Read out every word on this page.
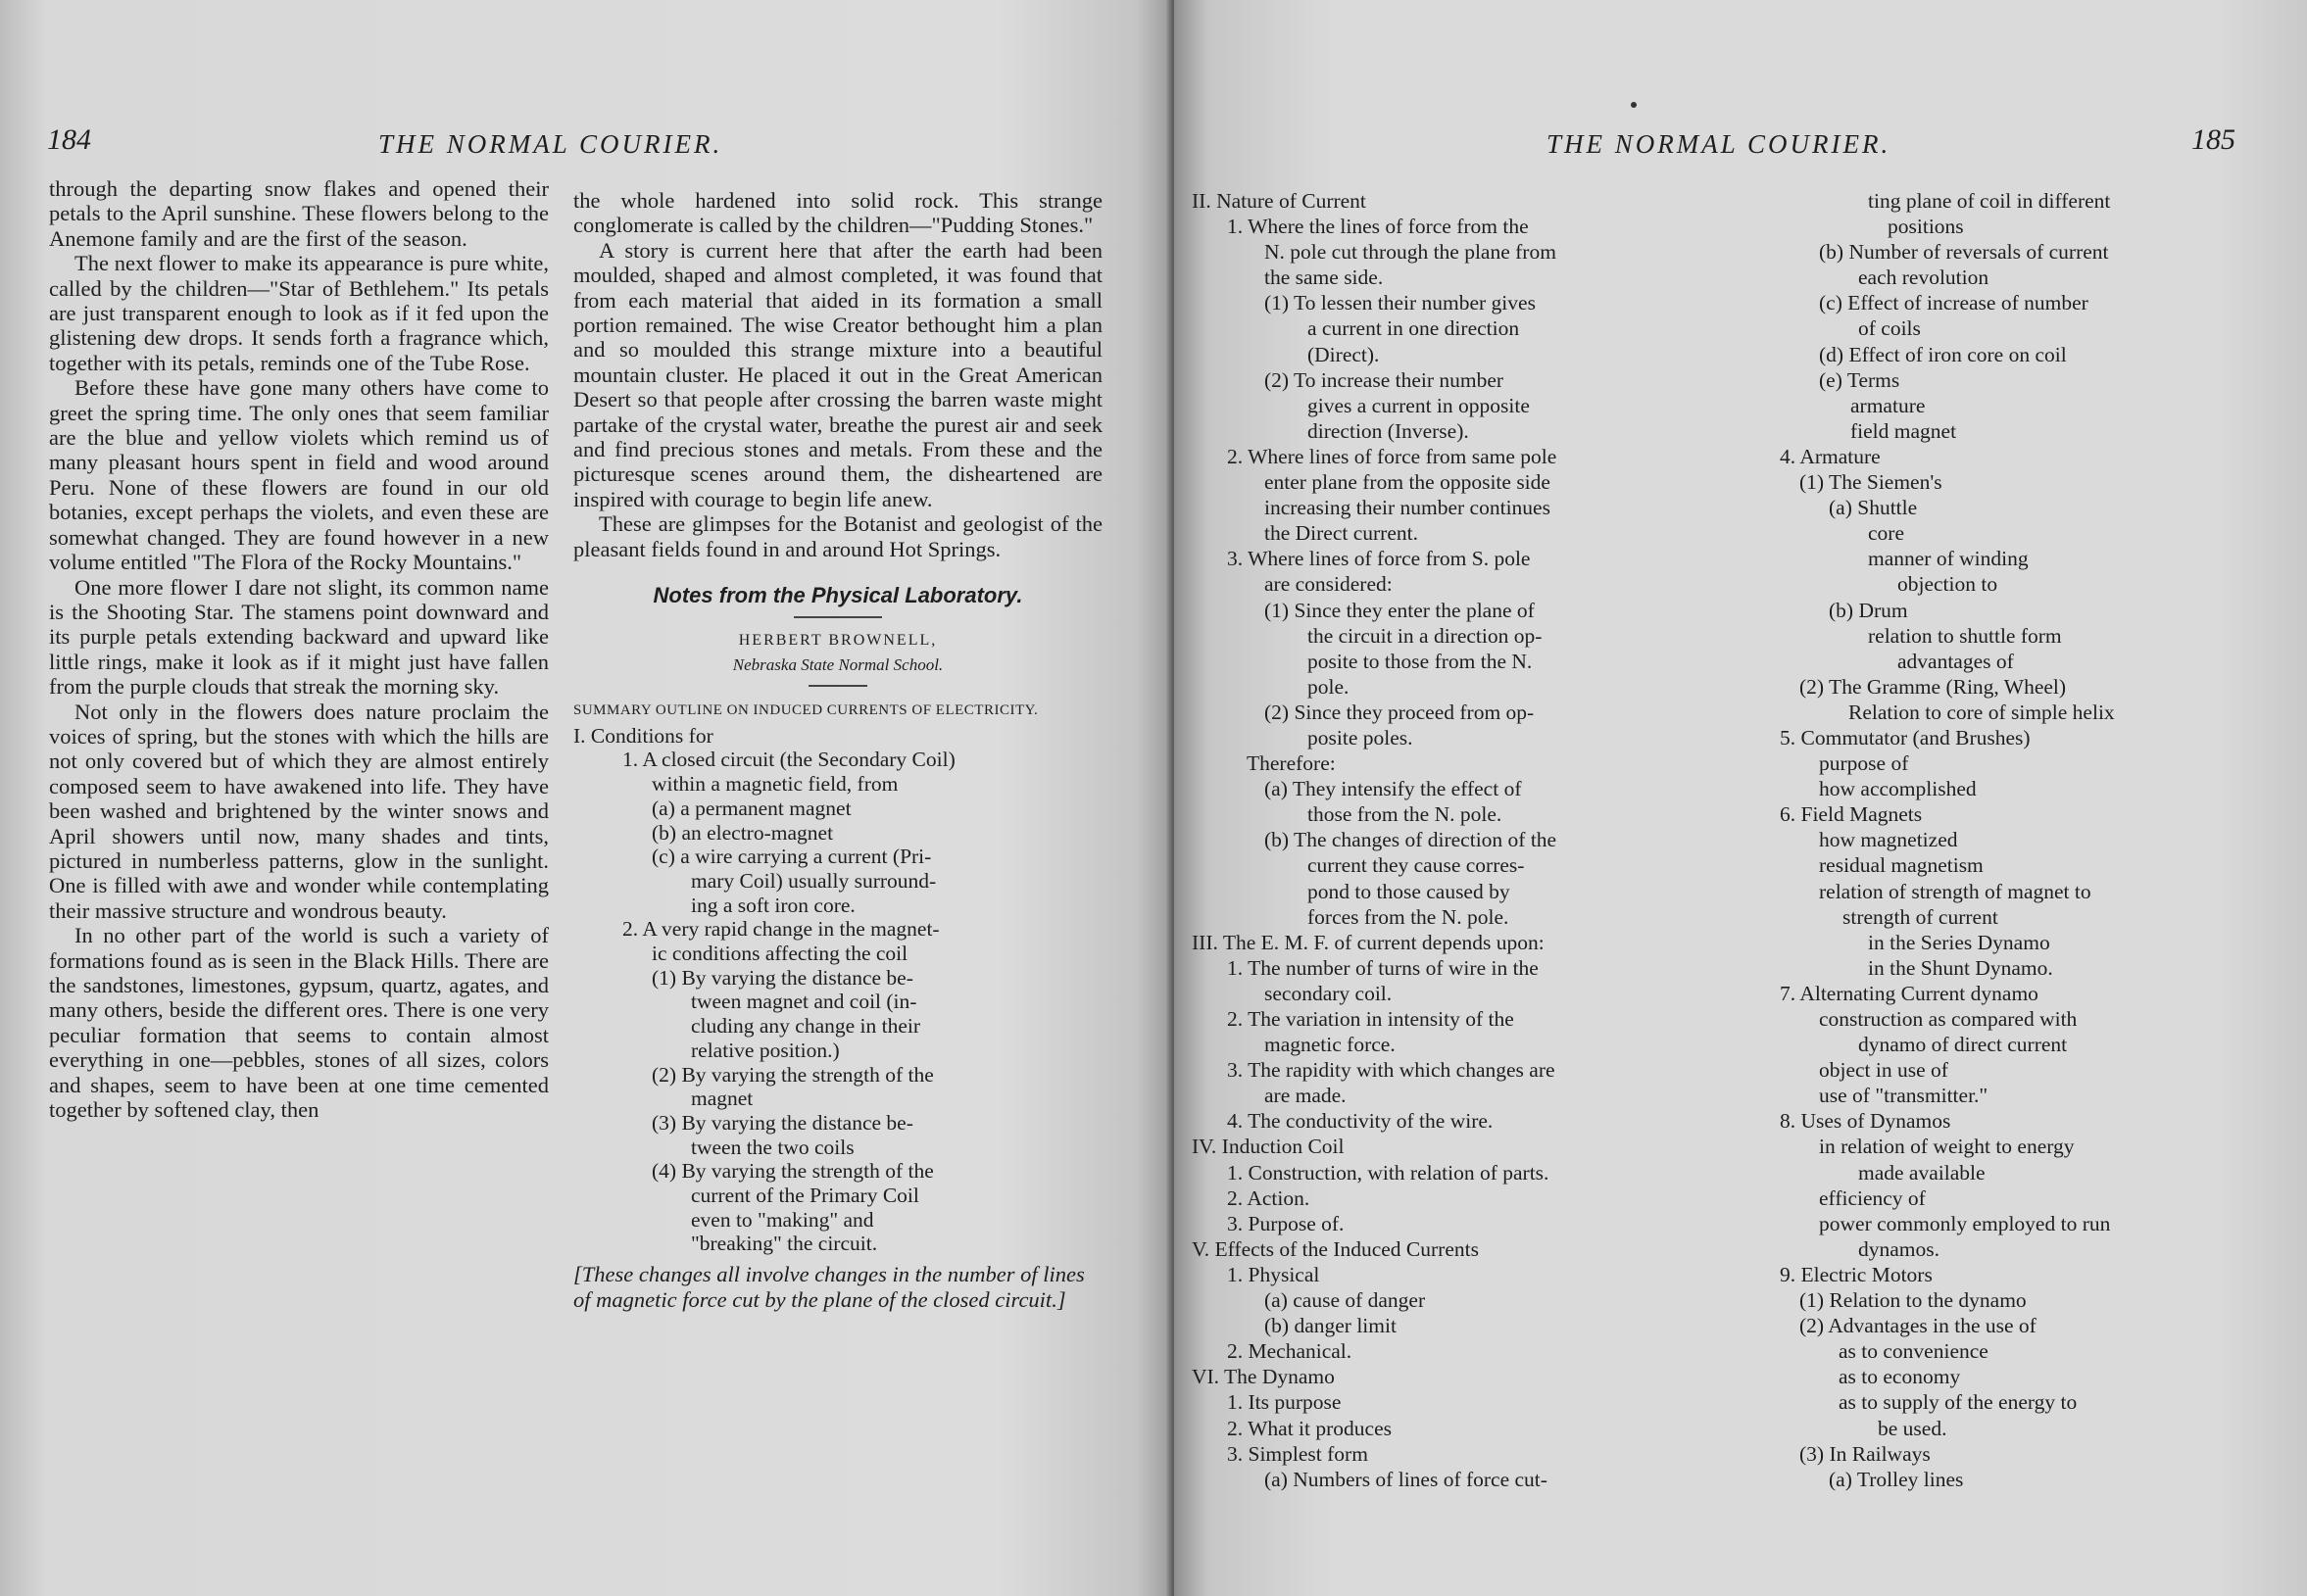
184	THE NORMAL COURIER.

through the departing snow flakes and opened their petals to the April sunshine. These flowers belong to the Anemone family and are the first of the season.

The next flower to make its appearance is pure white, called by the children—"Star of Bethlehem." Its petals are just transparent enough to look as if it fed upon the glistening dew drops. It sends forth a fragrance which, together with its petals, reminds one of the Tube Rose.

Before these have gone many others have come to greet the spring time. The only ones that seem familiar are the blue and yellow violets which remind us of many pleasant hours spent in field and wood around Peru. None of these flowers are found in our old botanies, except perhaps the violets, and even these are somewhat changed. They are found however in a new volume entitled "The Flora of the Rocky Mountains."

One more flower I dare not slight, its common name is the Shooting Star. The stamens point downward and its purple petals extending backward and upward like little rings, make it look as if it might just have fallen from the purple clouds that streak the morning sky.

Not only in the flowers does nature proclaim the voices of spring, but the stones with which the hills are not only covered but of which they are almost entirely composed seem to have awakened into life. They have been washed and brightened by the winter snows and April showers until now, many shades and tints, pictured in numberless patterns, glow in the sunlight. One is filled with awe and wonder while contemplating their massive structure and wondrous beauty.

In no other part of the world is such a variety of formations found as is seen in the Black Hills. There are the sandstones, limestones, gypsum, quartz, agates, and many others, beside the different ores. There is one very peculiar formation that seems to contain almost everything in one—pebbles, stones of all sizes, colors and shapes, seem to have been at one time cemented together by softened clay, then

the whole hardened into solid rock. This strange conglomerate is called by the children—"Pudding Stones."

A story is current here that after the earth had been moulded, shaped and almost completed, it was found that from each material that aided in its formation a small portion remained. The wise Creator bethought him a plan and so moulded this strange mixture into a beautiful mountain cluster. He placed it out in the Great American Desert so that people after crossing the barren waste might partake of the crystal water, breathe the purest air and seek and find precious stones and metals. From these and the picturesque scenes around them, the disheartened are inspired with courage to begin life anew.

These are glimpses for the Botanist and geologist of the pleasant fields found in and around Hot Springs.

Notes from the Physical Laboratory.
HERBERT BROWNELL,
Nebraska State Normal School.
SUMMARY OUTLINE ON INDUCED CURRENTS OF ELECTRICITY.
I. Conditions for
1. A closed circuit (the Secondary Coil)
within a magnetic field, from
(a) a permanent magnet
(b) an electro-magnet
(c) a wire carrying a current (Pri-
mary Coil) usually surround-
ing a soft iron core.
2. A very rapid change in the magnet-
ic conditions affecting the coil
(1) By varying the distance be-
tween magnet and coil (in-
cluding any change in their
relative position.)
(2) By varying the strength of the
magnet
(3) By varying the distance be-
tween the two coils
(4) By varying the strength of the
current of the Primary Coil
even to "making" and
"breaking" the circuit.
[These changes all involve changes in the number of lines of magnetic force cut by the plane of the closed circuit.]
THE NORMAL COURIER.	185
II. Nature of Current
1. Where the lines of force from the
N. pole cut through the plane from
the same side.
(1) To lessen their number gives
a current in one direction
(Direct).
(2) To increase their number
gives a current in opposite
direction (Inverse).
2. Where lines of force from same pole
enter plane from the opposite side
increasing their number continues
the Direct current.
3. Where lines of force from S. pole
are considered:
(1) Since they enter the plane of
the circuit in a direction op-
posite to those from the N.
pole.
(2) Since they proceed from op-
posite poles.
Therefore:
(a) They intensify the effect of
those from the N. pole.
(b) The changes of direction of the
current they cause corres-
pond to those caused by
forces from the N. pole.
III. The E. M. F. of current depends upon:
1. The number of turns of wire in the
secondary coil.
2. The variation in intensity of the
magnetic force.
3. The rapidity with which changes are
are made.
4. The conductivity of the wire.
IV. Induction Coil
1. Construction, with relation of parts.
2. Action.
3. Purpose of.
V. Effects of the Induced Currents
1. Physical
(a) cause of danger
(b) danger limit
2. Mechanical.
VI. The Dynamo
1. Its purpose
2. What it produces
3. Simplest form
(a) Numbers of lines of force cut-
ting plane of coil in different
positions
(b) Number of reversals of current
each revolution
(c) Effect of increase of number
of coils
(d) Effect of iron core on coil
(e) Terms
armature
field magnet
4. Armature
(1) The Siemen's
(a) Shuttle
core
manner of winding
objection to
(b) Drum
relation to shuttle form
advantages of
(2) The Gramme (Ring, Wheel)
Relation to core of simple helix
5. Commutator (and Brushes)
purpose of
how accomplished
6. Field Magnets
how magnetized
residual magnetism
relation of strength of magnet to
strength of current
in the Series Dynamo
in the Shunt Dynamo.
7. Alternating Current dynamo
construction as compared with
dynamo of direct current
object in use of
use of "transmitter."
8. Uses of Dynamos
in relation of weight to energy
made available
efficiency of
power commonly employed to run
dynamos.
9. Electric Motors
(1) Relation to the dynamo
(2) Advantages in the use of
as to convenience
as to economy
as to supply of the energy to
be used.
(3) In Railways
(a) Trolley lines
